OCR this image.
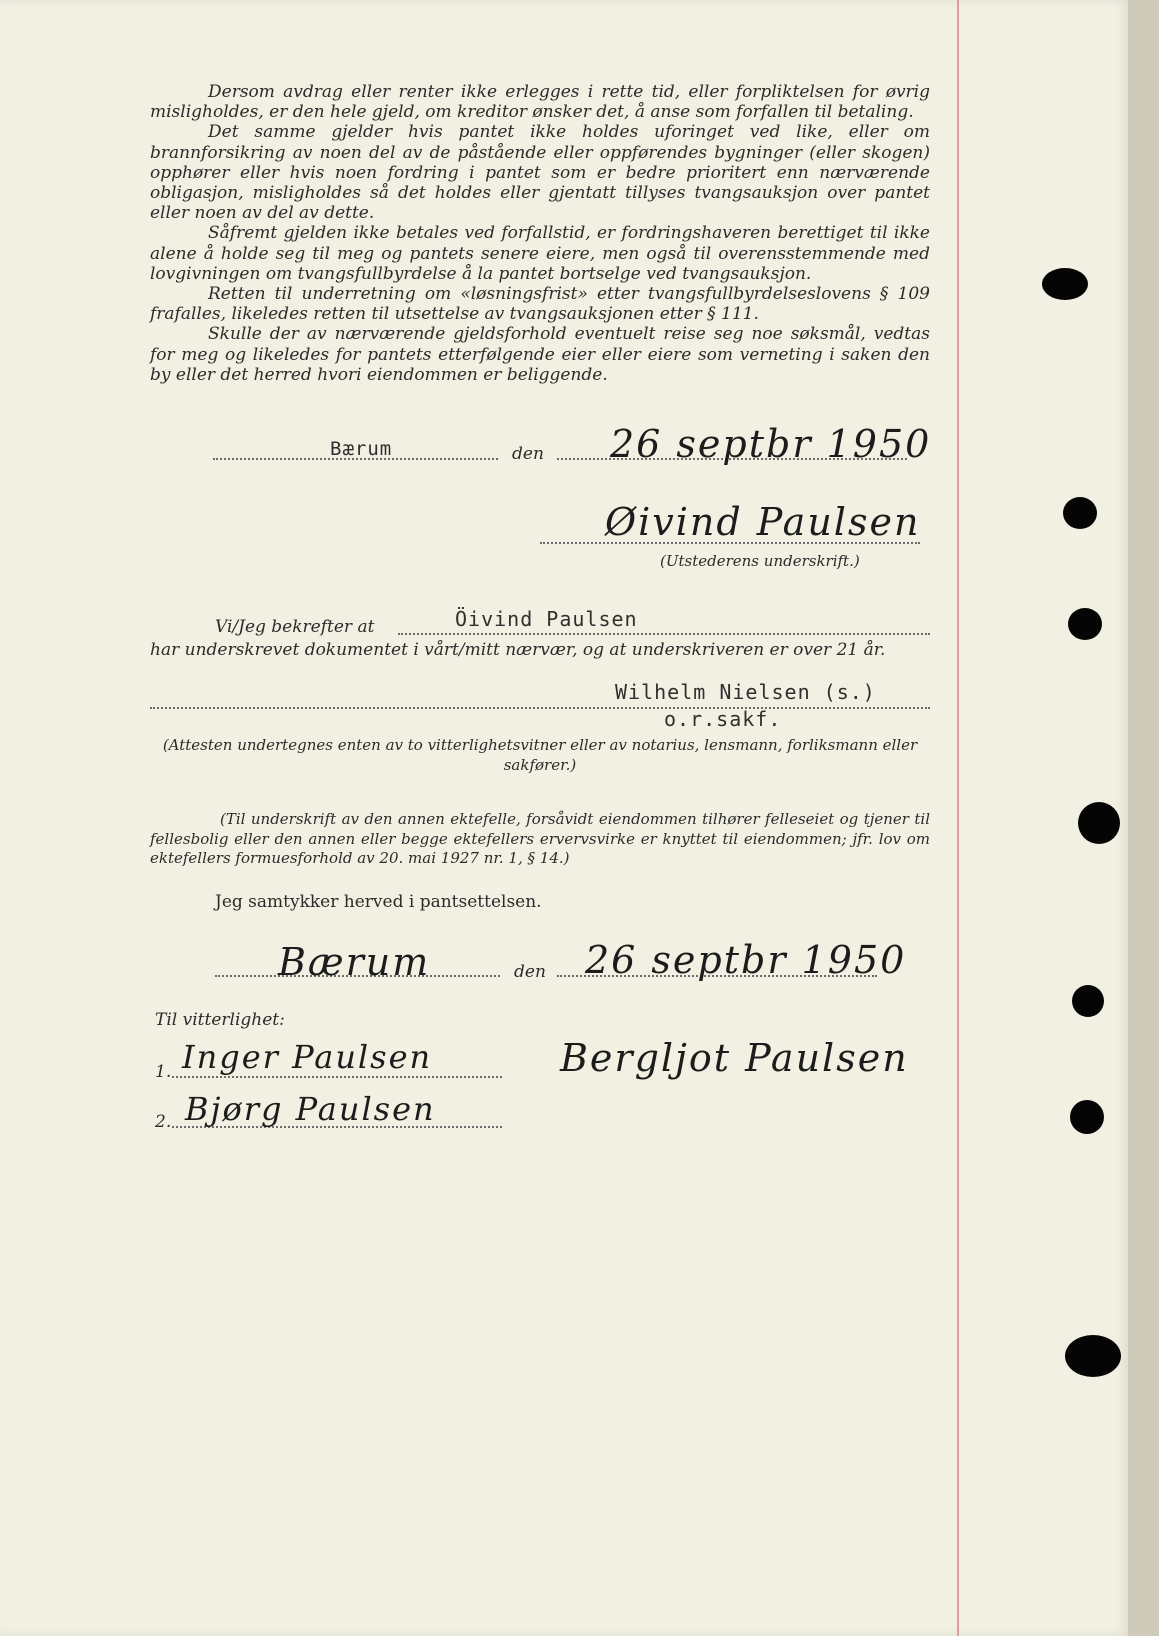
Dersom avdrag eller renter ikke erlegges i rette tid, eller forpliktelsen for øvrig misligholdes, er den hele gjeld, om kreditor ønsker det, å anse som forfallen til betaling.

Det samme gjelder hvis pantet ikke holdes uforinget ved like, eller om brannforsikring av noen del av de påstående eller oppførendes bygninger (eller skogen) opphører eller hvis noen fordring i pantet som er bedre prioritert enn nærværende obligasjon, misligholdes så det holdes eller gjentatt tillyses tvangsauksjon over pantet eller noen av del av dette.

Såfremt gjelden ikke betales ved forfallstid, er fordringshaveren berettiget til ikke alene å holde seg til meg og pantets senere eiere, men også til overensstemmende med lovgivningen om tvangsfullbyrdelse å la pantet bortselge ved tvangsauksjon.

Retten til underretning om «løsningsfrist» etter tvangsfullbyrdelseslovens § 109 frafalles, likeledes retten til utsettelse av tvangsauksjonen etter § 111.

Skulle der av nærværende gjeldsforhold eventuelt reise seg noe søksmål, vedtas for meg og likeledes for pantets etterfølgende eier eller eiere som verneting i saken den by eller det herred hvori eiendommen er beliggende.

Bærum	den 26 septbr 1950
Øivind Paulsen
(Utstederens underskrift.)
Vi/Jeg bekrefter at	Öivind Paulsen
har underskrevet dokumentet i vårt/mitt nærvær, og at underskriveren er over 21 år.
Wilhelm Nielsen (s.)
o.r.sakf.
(Attesten undertegnes enten av to vitterlighetsvitner eller av notarius, lensmann, forliksmann eller sakfører.)
(Til underskrift av den annen ektefelle, forsåvidt eiendommen tilhører felleseiet og tjener til fellesbolig eller den annen eller begge ektefellers ervervsvirke er knyttet til eiendommen; jfr. lov om ektefellers formuesforhold av 20. mai 1927 nr. 1, § 14.)
Jeg samtykker herved i pantsettelsen.
Bærum	den 26 septbr 1950
Til vitterlighet:
1. Inger Paulsen
2. Bjørg Paulsen
Bergljot Paulsen
